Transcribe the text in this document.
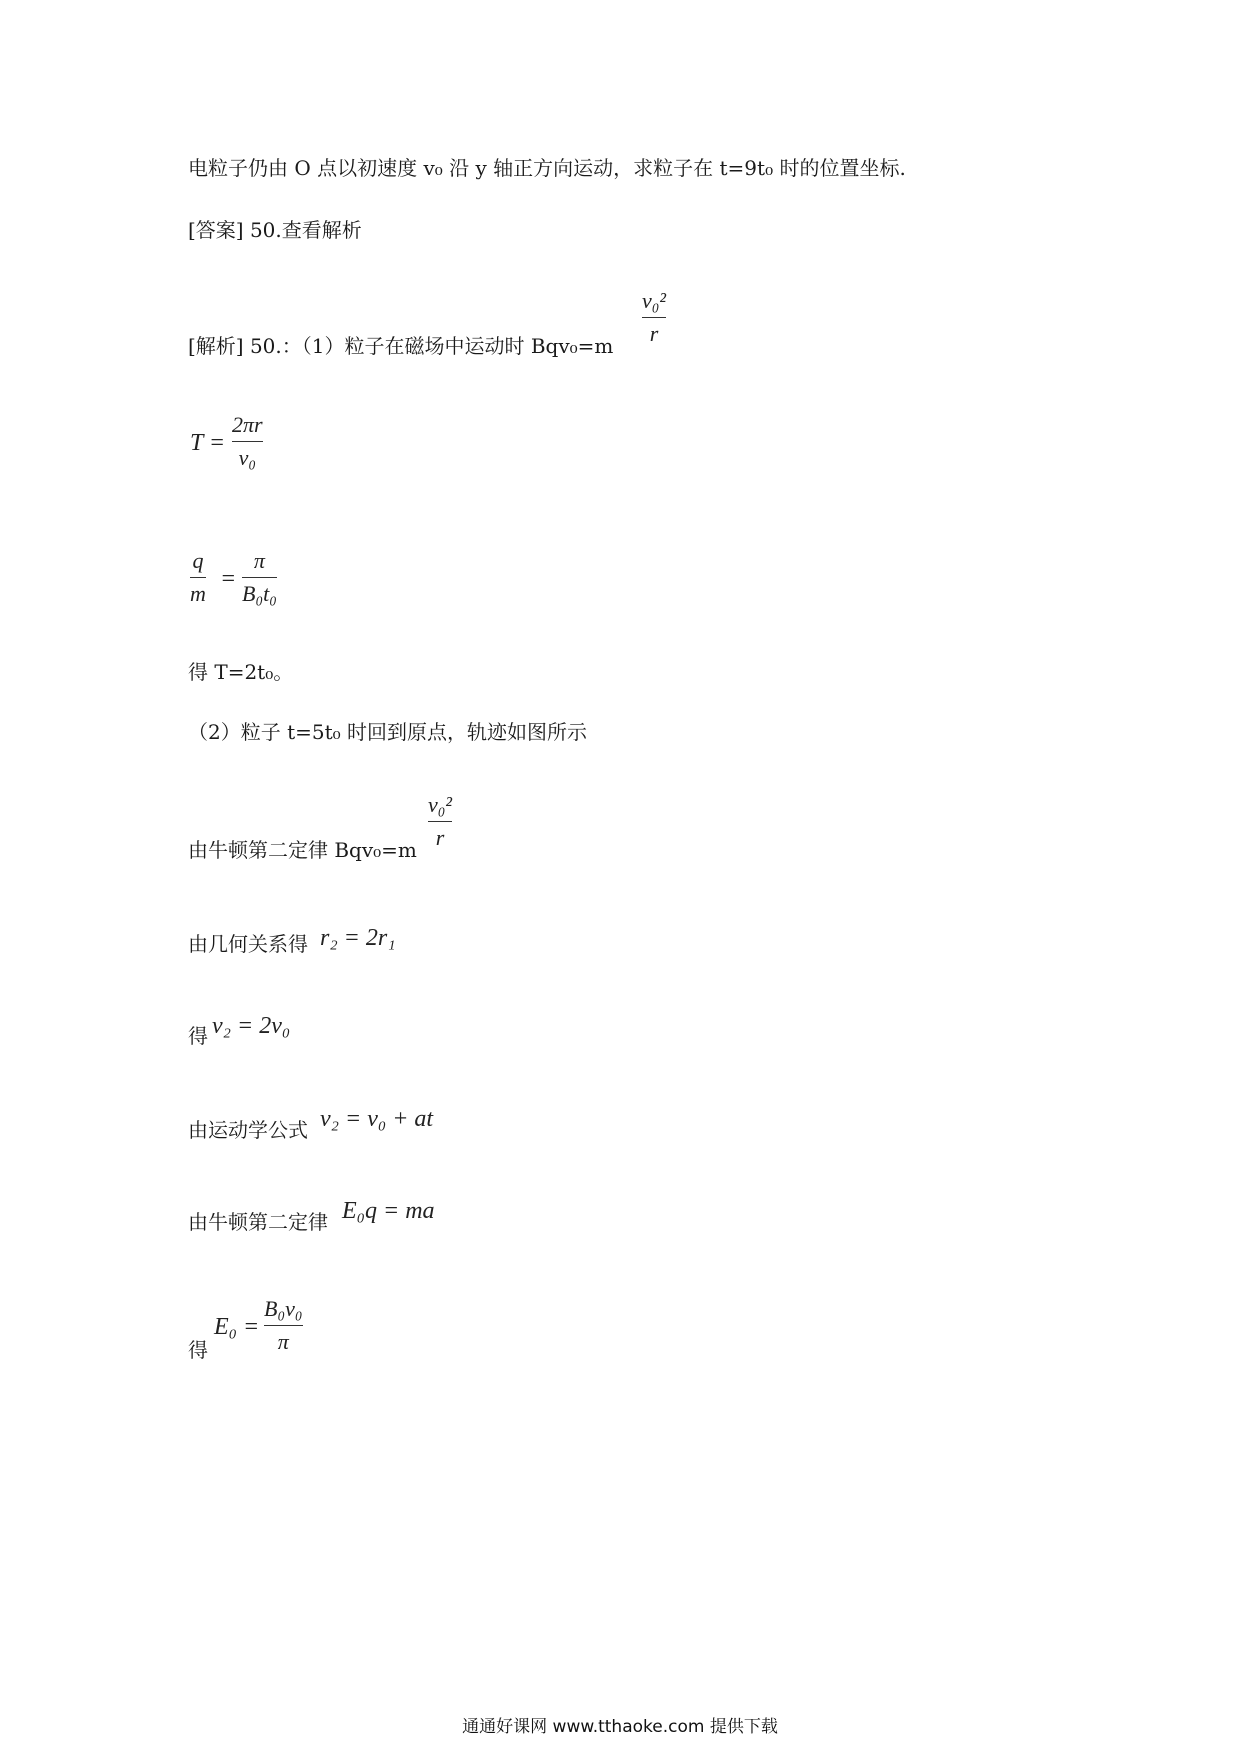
电粒子仍由 O 点以初速度 v₀ 沿 y 轴正方向运动，求粒子在 t=9t₀ 时的位置坐标.
[答案] 50.查看解析
[解析] 50.：（1）粒子在磁场中运动时 Bqv₀=m
v₀²
r
T =
2πr
v₀
q
m
=
π
B₀t₀
得 T=2t₀。
（2）粒子 t=5t₀ 时回到原点，轨迹如图所示
由牛顿第二定律 Bqv₀=m
v₀²
r
由几何关系得 r₂ = 2r₁
得 v₂ = 2v₀
由运动学公式 v₂ = v₀ + at
由牛顿第二定律 E₀q = ma
得
E₀ =
B₀v₀
π
通通好课网 www.tthaoke.com 提供下载
